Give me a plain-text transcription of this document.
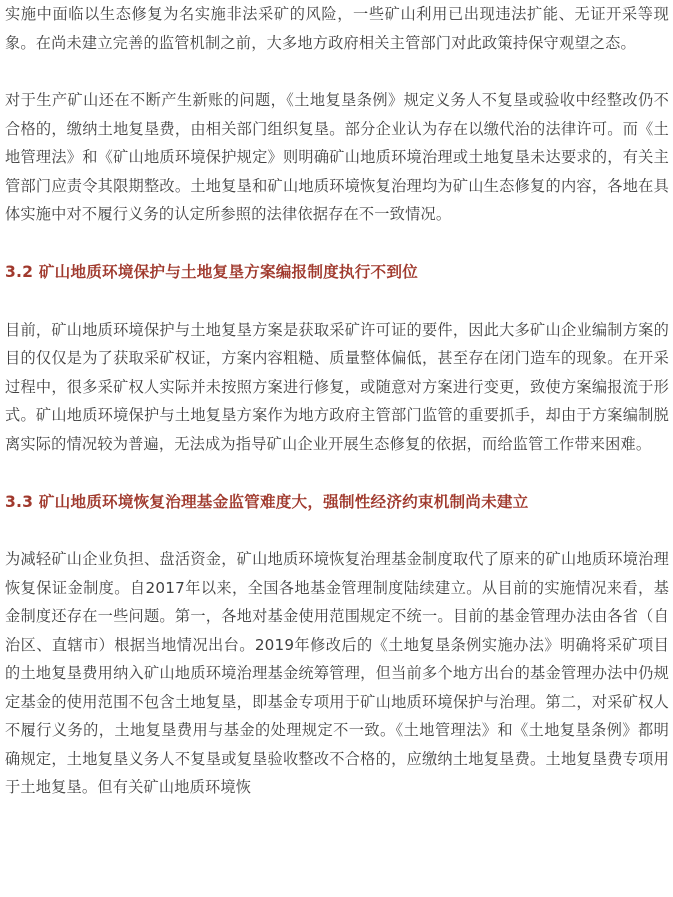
实施中面临以生态修复为名实施非法采矿的风险，一些矿山利用已出现违法扩能、无证开采等现象。在尚未建立完善的监管机制之前，大多地方政府相关主管部门对此政策持保守观望之态。

对于生产矿山还在不断产生新账的问题，《土地复垦条例》规定义务人不复垦或验收中经整改仍不合格的，缴纳土地复垦费，由相关部门组织复垦。部分企业认为存在以缴代治的法律许可。而《土地管理法》和《矿山地质环境保护规定》则明确矿山地质环境治理或土地复垦未达要求的，有关主管部门应责令其限期整改。土地复垦和矿山地质环境恢复治理均为矿山生态修复的内容，各地在具体实施中对不履行义务的认定所参照的法律依据存在不一致情况。

3.2 矿山地质环境保护与土地复垦方案编报制度执行不到位

目前，矿山地质环境保护与土地复垦方案是获取采矿许可证的要件，因此大多矿山企业编制方案的目的仅仅是为了获取采矿权证，方案内容粗糙、质量整体偏低，甚至存在闭门造车的现象。在开采过程中，很多采矿权人实际并未按照方案进行修复，或随意对方案进行变更，致使方案编报流于形式。矿山地质环境保护与土地复垦方案作为地方政府主管部门监管的重要抓手，却由于方案编制脱离实际的情况较为普遍，无法成为指导矿山企业开展生态修复的依据，而给监管工作带来困难。

3.3 矿山地质环境恢复治理基金监管难度大，强制性经济约束机制尚未建立

为减轻矿山企业负担、盘活资金，矿山地质环境恢复治理基金制度取代了原来的矿山地质环境治理恢复保证金制度。自2017年以来，全国各地基金管理制度陆续建立。从目前的实施情况来看，基金制度还存在一些问题。第一，各地对基金使用范围规定不统一。目前的基金管理办法由各省（自治区、直辖市）根据当地情况出台。2019年修改后的《土地复垦条例实施办法》明确将采矿项目的土地复垦费用纳入矿山地质环境治理基金统筹管理，但当前多个地方出台的基金管理办法中仍规定基金的使用范围不包含土地复垦，即基金专项用于矿山地质环境保护与治理。第二，对采矿权人不履行义务的，土地复垦费用与基金的处理规定不一致。《土地管理法》和《土地复垦条例》都明确规定，土地复垦义务人不复垦或复垦验收整改不合格的，应缴纳土地复垦费。土地复垦费专项用于土地复垦。但有关矿山地质环境恢
